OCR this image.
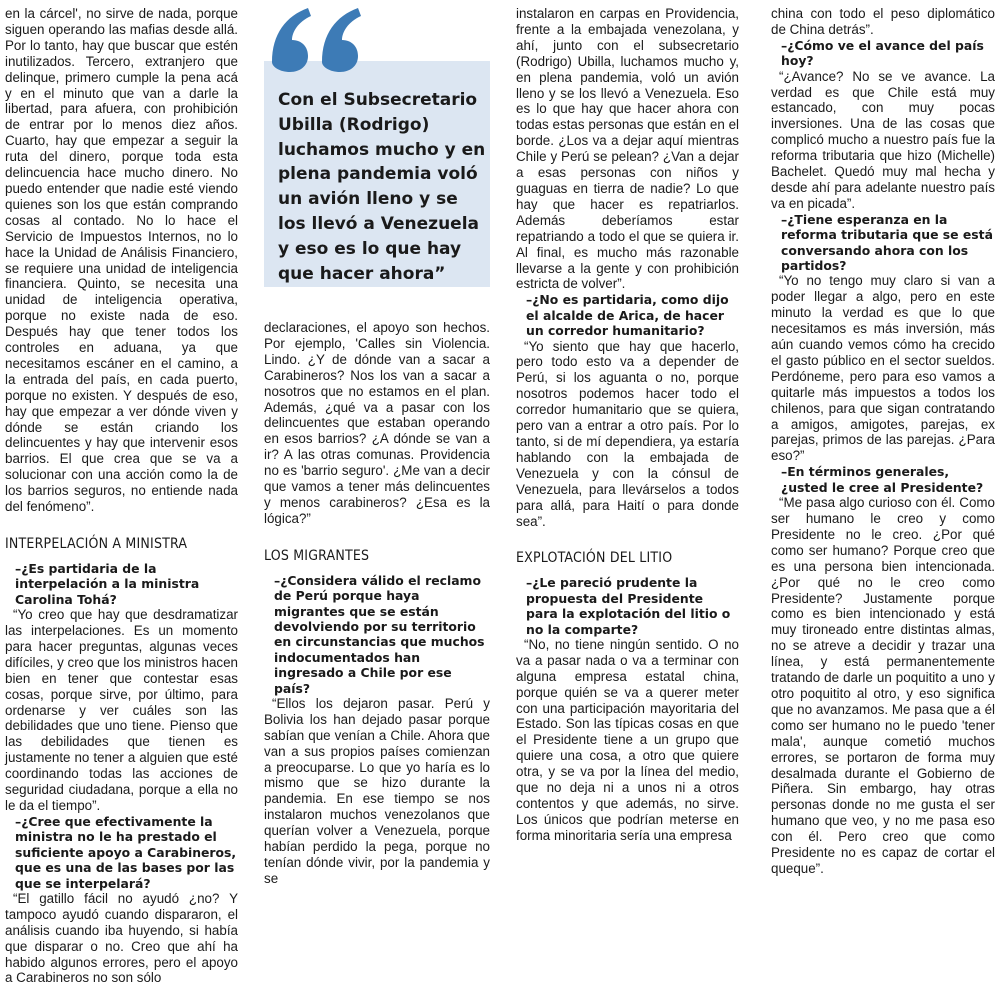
en la cárcel', no sirve de nada, porque siguen operando las mafias desde allá. Por lo tanto, hay que buscar que estén inutilizados. Tercero, extranjero que delinque, primero cumple la pena acá y en el minuto que van a darle la libertad, para afuera, con prohibición de entrar por lo menos diez años. Cuarto, hay que empezar a seguir la ruta del dinero, porque toda esta delincuencia hace mucho dinero. No puedo entender que nadie esté viendo quienes son los que están comprando cosas al contado. No lo hace el Servicio de Impuestos Internos, no lo hace la Unidad de Análisis Financiero, se requiere una unidad de inteligencia financiera. Quinto, se necesita una unidad de inteligencia operativa, porque no existe nada de eso. Después hay que tener todos los controles en aduana, ya que necesitamos escáner en el camino, a la entrada del país, en cada puerto, porque no existen. Y después de eso, hay que empezar a ver dónde viven y dónde se están criando los delincuentes y hay que intervenir esos barrios. El que crea que se va a solucionar con una acción como la de los barrios seguros, no entiende nada del fenómeno”.

INTERPELACIÓN A MINISTRA

–¿Es partidaria de la interpelación a la ministra Carolina Tohá?

“Yo creo que hay que desdramatizar las interpelaciones. Es un momento para hacer preguntas, algunas veces difíciles, y creo que los ministros hacen bien en tener que contestar esas cosas, porque sirve, por último, para ordenarse y ver cuáles son las debilidades que uno tiene. Pienso que las debilidades que tienen es justamente no tener a alguien que esté coordinando todas las acciones de seguridad ciudadana, porque a ella no le da el tiempo”.

–¿Cree que efectivamente la ministra no le ha prestado el suficiente apoyo a Carabineros, que es una de las bases por las que se interpelará?

“El gatillo fácil no ayudó ¿no? Y tampoco ayudó cuando dispararon, el análisis cuando iba huyendo, si había que disparar o no. Creo que ahí ha habido algunos errores, pero el apoyo a Carabineros no son sólo

Con el Subsecretario Ubilla (Rodrigo) luchamos mucho y en plena pandemia voló un avión lleno y se los llevó a Venezuela y eso es lo que hay que hacer ahora”

declaraciones, el apoyo son hechos. Por ejemplo, 'Calles sin Violencia. Lindo. ¿Y de dónde van a sacar a Carabineros? Nos los van a sacar a nosotros que no estamos en el plan. Además, ¿qué va a pasar con los delincuentes que estaban operando en esos barrios? ¿A dónde se van a ir? A las otras comunas. Providencia no es 'barrio seguro'. ¿Me van a decir que vamos a tener más delincuentes y menos carabineros? ¿Esa es la lógica?”

LOS MIGRANTES

–¿Considera válido el reclamo de Perú porque haya migrantes que se están devolviendo por su territorio en circunstancias que muchos indocumentados han ingresado a Chile por ese país?

“Ellos los dejaron pasar. Perú y Bolivia los han dejado pasar porque sabían que venían a Chile. Ahora que van a sus propios países comienzan a preocuparse. Lo que yo haría es lo mismo que se hizo durante la pandemia. En ese tiempo se nos instalaron muchos venezolanos que querían volver a Venezuela, porque habían perdido la pega, porque no tenían dónde vivir, por la pandemia y se

instalaron en carpas en Providencia, frente a la embajada venezolana, y ahí, junto con el subsecretario (Rodrigo) Ubilla, luchamos mucho y, en plena pandemia, voló un avión lleno y se los llevó a Venezuela. Eso es lo que hay que hacer ahora con todas estas personas que están en el borde. ¿Los va a dejar aquí mientras Chile y Perú se pelean? ¿Van a dejar a esas personas con niños y guaguas en tierra de nadie? Lo que hay que hacer es repatriarlos. Además deberíamos estar repatriando a todo el que se quiera ir. Al final, es mucho más razonable llevarse a la gente y con prohibición estricta de volver”.

–¿No es partidaria, como dijo el alcalde de Arica, de hacer un corredor humanitario?

“Yo siento que hay que hacerlo, pero todo esto va a depender de Perú, si los aguanta o no, porque nosotros podemos hacer todo el corredor humanitario que se quiera, pero van a entrar a otro país. Por lo tanto, si de mí dependiera, ya estaría hablando con la embajada de Venezuela y con la cónsul de Venezuela, para llevárselos a todos para allá, para Haití o para donde sea”.

EXPLOTACIÓN DEL LITIO

–¿Le pareció prudente la propuesta del Presidente para la explotación del litio o no la comparte?

“No, no tiene ningún sentido. O no va a pasar nada o va a terminar con alguna empresa estatal china, porque quién se va a querer meter con una participación mayoritaria del Estado. Son las típicas cosas en que el Presidente tiene a un grupo que quiere una cosa, a otro que quiere otra, y se va por la línea del medio, que no deja ni a unos ni a otros contentos y que además, no sirve. Los únicos que podrían meterse en forma minoritaria sería una empresa

china con todo el peso diplomático de China detrás”.

–¿Cómo ve el avance del país hoy?

“¿Avance? No se ve avance. La verdad es que Chile está muy estancado, con muy pocas inversiones. Una de las cosas que complicó mucho a nuestro país fue la reforma tributaria que hizo (Michelle) Bachelet. Quedó muy mal hecha y desde ahí para adelante nuestro país va en picada”.

–¿Tiene esperanza en la reforma tributaria que se está conversando ahora con los partidos?

“Yo no tengo muy claro si van a poder llegar a algo, pero en este minuto la verdad es que lo que necesitamos es más inversión, más aún cuando vemos cómo ha crecido el gasto público en el sector sueldos. Perdóneme, pero para eso vamos a quitarle más impuestos a todos los chilenos, para que sigan contratando a amigos, amigotes, parejas, ex parejas, primos de las parejas. ¿Para eso?”

–En términos generales, ¿usted le cree al Presidente?

“Me pasa algo curioso con él. Como ser humano le creo y como Presidente no le creo. ¿Por qué como ser humano? Porque creo que es una persona bien intencionada. ¿Por qué no le creo como Presidente? Justamente porque como es bien intencionado y está muy tironeado entre distintas almas, no se atreve a decidir y trazar una línea, y está permanentemente tratando de darle un poquitito a uno y otro poquitito al otro, y eso significa que no avanzamos. Me pasa que a él como ser humano no le puedo 'tener mala', aunque cometió muchos errores, se portaron de forma muy desalmada durante el Gobierno de Piñera. Sin embargo, hay otras personas donde no me gusta el ser humano que veo, y no me pasa eso con él. Pero creo que como Presidente no es capaz de cortar el queque”.
